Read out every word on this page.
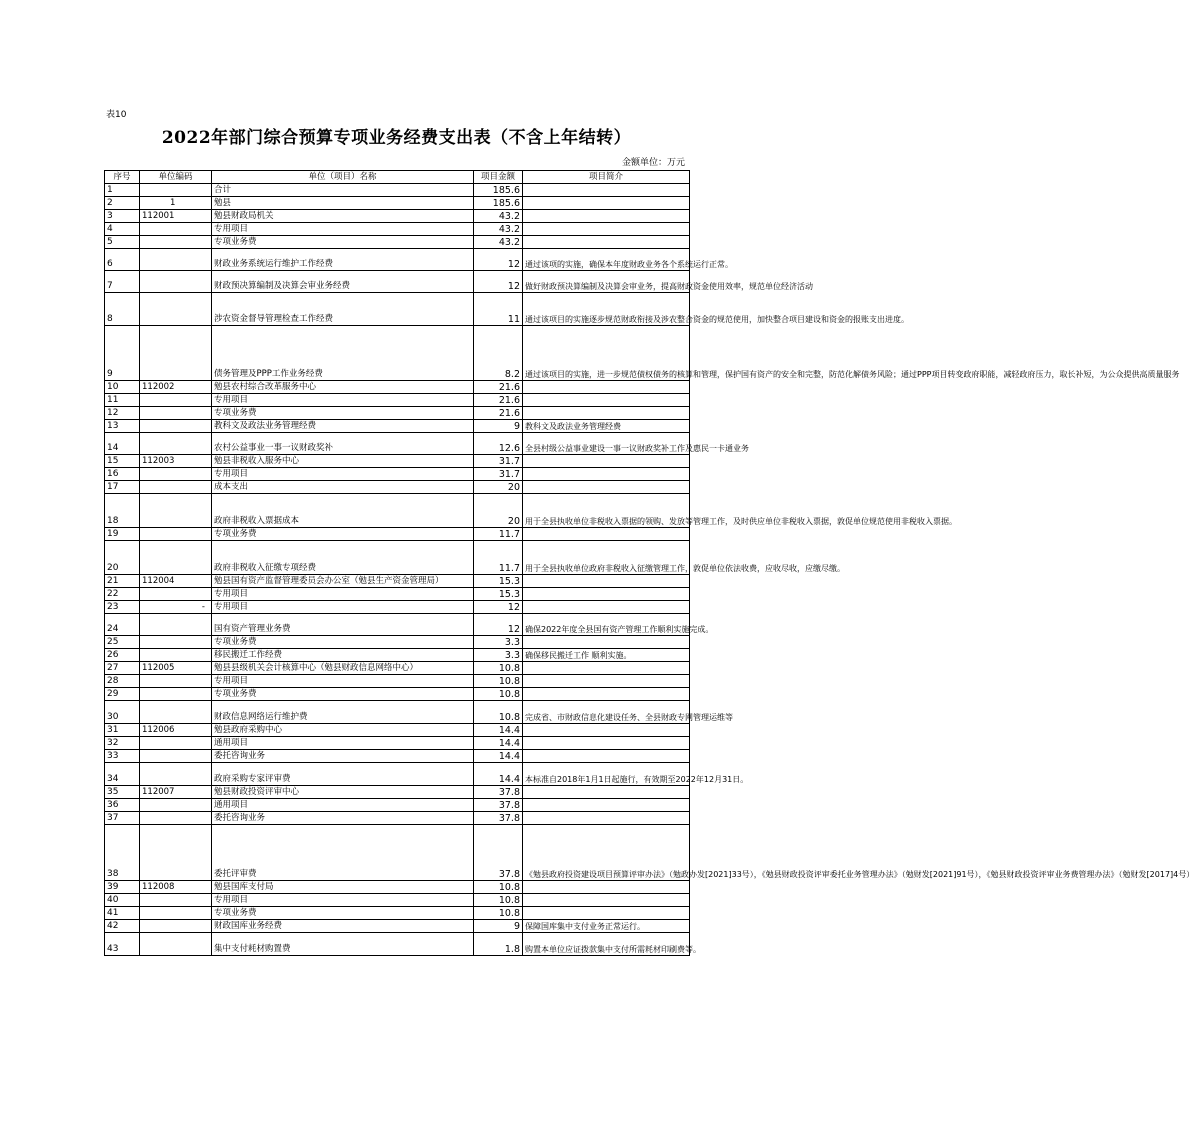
表10
2022年部门综合预算专项业务经费支出表（不含上年结转）
金额单位：万元
序号	单位编码	单位（项目）名称	项目金额	项目简介
1		合计	185.6	
2	1	勉县	185.6	
3	112001	勉县财政局机关	43.2	
4		专用项目	43.2	
5		专项业务费	43.2	
6		财政业务系统运行维护工作经费	12	通过该项的实施，确保本年度财政业务各个系统运行正常。
7		财政预决算编制及决算会审业务经费	12	做好财政预决算编制及决算会审业务，提高财政资金使用效率，规范单位经济活动
8		涉农资金督导管理检查工作经费	11	通过该项目的实施逐步规范财政衔接及涉农整合资金的规范使用，加快整合项目建设和资金的报账支出进度。
9		债务管理及PPP工作业务经费	8.2	通过该项目的实施，进一步规范债权债务的核算和管理，保护国有资产的安全和完整，防范化解债务风险；通过PPP项目转变政府职能，减轻政府压力，取长补短，为公众提供高质量服务
10	112002	勉县农村综合改革服务中心	21.6	
11		专用项目	21.6	
12		专项业务费	21.6	
13		教科文及政法业务管理经费	9	教科文及政法业务管理经费
14		农村公益事业一事一议财政奖补	12.6	全县村级公益事业建设一事一议财政奖补工作及惠民一卡通业务
15	112003	勉县非税收入服务中心	31.7	
16		专用项目	31.7	
17		成本支出	20	
18		政府非税收入票据成本	20	用于全县执收单位非税收入票据的领购、发放等管理工作，及时供应单位非税收入票据，敦促单位规范使用非税收入票据。
19		专项业务费	11.7	
20		政府非税收入征缴专项经费	11.7	用于全县执收单位政府非税收入征缴管理工作，敦促单位依法收费，应收尽收，应缴尽缴。
21	112004	勉县国有资产监督管理委员会办公室（勉县生产资金管理局）	15.3	
22		专用项目	15.3	
23	-	专用项目	12	
24		国有资产管理业务费	12	确保2022年度全县国有资产管理工作顺利实施完成。
25		专项业务费	3.3	
26		移民搬迁工作经费	3.3	确保移民搬迁工作 顺利实施。
27	112005	勉县县级机关会计核算中心（勉县财政信息网络中心）	10.8	
28		专用项目	10.8	
29		专项业务费	10.8	
30		财政信息网络运行维护费	10.8	完成省、市财政信息化建设任务、全县财政专网管理运维等
31	112006	勉县政府采购中心	14.4	
32		通用项目	14.4	
33		委托咨询业务	14.4	
34		政府采购专家评审费	14.4	本标准自2018年1月1日起施行，有效期至2022年12月31日。
35	112007	勉县财政投资评审中心	37.8	
36		通用项目	37.8	
37		委托咨询业务	37.8	
38		委托评审费	37.8	《勉县政府投资建设项目预算评审办法》（勉政办发[2021]33号），《勉县财政投资评审委托业务管理办法》（勉财发[2021]91号），《勉县财政投资评审业务费管理办法》（勉财发[2017]4号）
39	112008	勉县国库支付局	10.8	
40		专用项目	10.8	
41		专项业务费	10.8	
42		财政国库业务经费	9	保障国库集中支付业务正常运行。
43		集中支付耗材购置费	1.8	购置本单位应证拨款集中支付所需耗材印刷费等。
